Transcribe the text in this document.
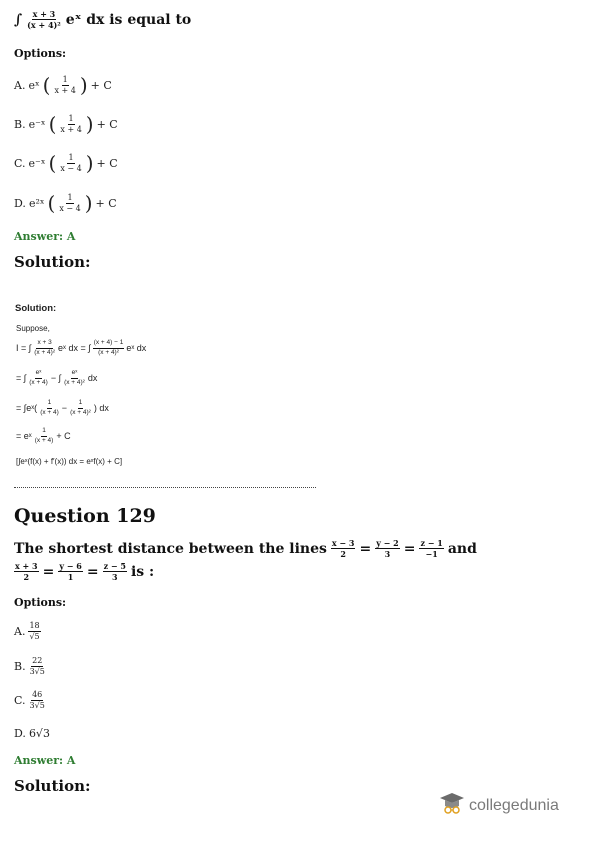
∫ $\frac{x + 3}{\text{(x + 4)²}}$ eˣ dx is equal to
Options:
A. eˣ ( $\frac{1}{x + 4}$ ) + C
B. e⁻ˣ ( $\frac{1}{x + 4}$ ) + C
C. e⁻ˣ ( $\frac{1}{x - 4}$ ) + C
D. e²ˣ ( $\frac{1}{x - 4}$ ) + C
Answer: A
Solution:
Solution:
Suppose,
I = ∫ $\frac{x + 3}{\text{(x + 4)²}}$ eˣ dx = ∫ $\frac{(x + 4) - 1}{\text{(x + 4)²}}$ eˣ dx
= ∫ $\frac{\text{eˣ}}{(x + 4)}$ − ∫ $\frac{\text{eˣ}}{\text{(x + 4)²}}$ dx
= ∫eˣ( $\frac{1}{(x + 4)} - \frac{1}{\text{(x + 4)²}}$ ) dx
= eˣ $\frac{1}{(x + 4)} + C$
[∫eˣ(f(x) + f′(x)) dx = eˣf(x) + C]
Question 129
The shortest distance between the lines $\frac{x - 3}{2} = \frac{y - 2}{3} = \frac{z - 1}{-1}$ and
$\frac{x + 3}{2} = \frac{y - 6}{1} = \frac{z - 5}{3}$ is :
Options:
A. $\frac{18}{√5}$
B. $\frac{22}{3√5}$
C. $\frac{46}{3√5}$
D. 6√3
Answer: A
Solution:
collegedunia
